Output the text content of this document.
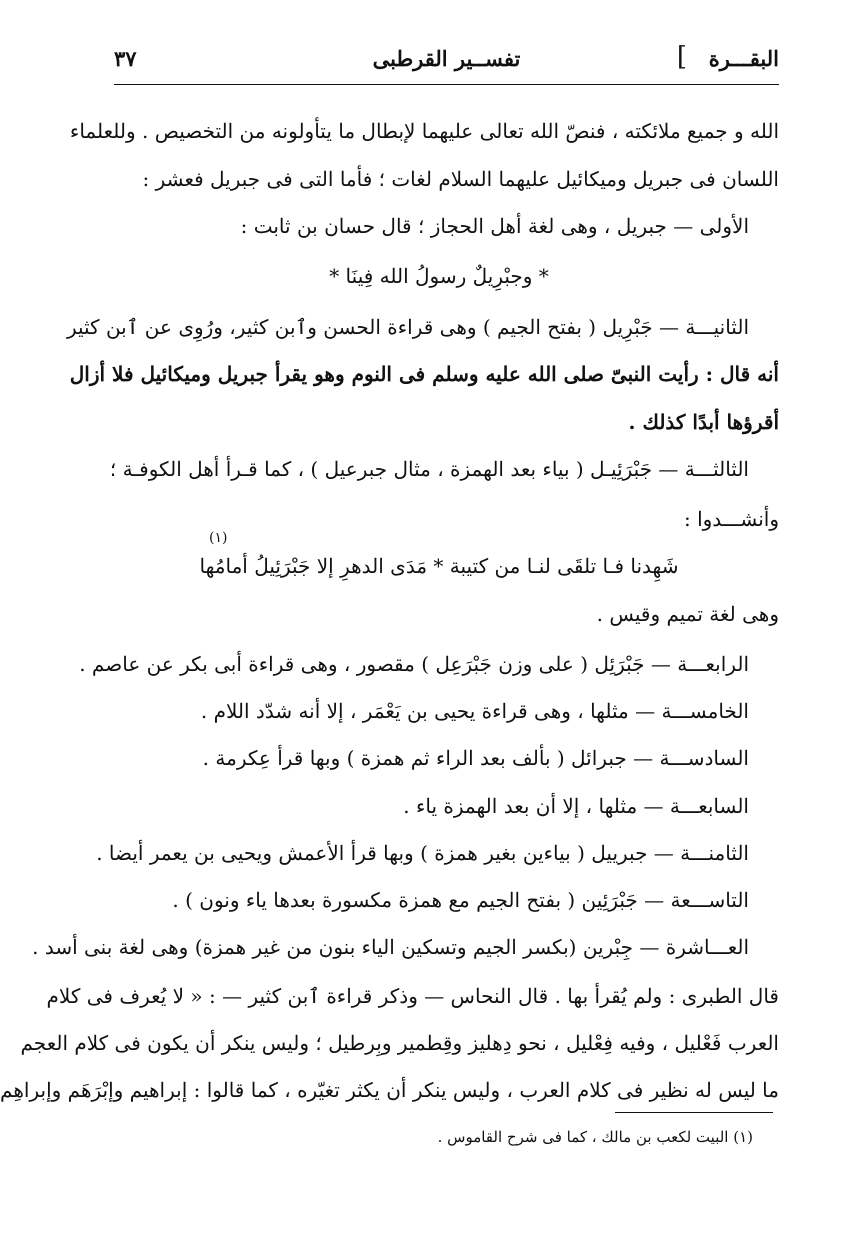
البقـــرة
]
تفســير القرطبى
٣٧
الله و جميع ملائكته ، فنصّ الله تعالى عليهما لإبطال ما يتأولونه من التخصيص . وللعلماء
اللسان فى جبريل وميكائيل عليهما السلام لغات ؛ فأما التى فى جبريل فعشر :
الأولى — جبريل ، وهى لغة أهل الحجاز ؛ قال حسان بن ثابت :
* وجبْرِيلٌ رسولُ الله فِينَا *
الثانيـــة — جَبْرِيل ( بفتح الجيم ) وهى قراءة الحسن وٱبن كثير، ورُوِى عن ٱبن كثير
أنه قال : رأيت النبىّ صلى الله عليه وسلم فى النوم وهو يقرأ جبريل وميكائيل فلا أزال
أقرؤها أبدًا كذلك .
الثالثـــة — جَبْرَئِيـل ( بياء بعد الهمزة ، مثال جبرعيل ) ، كما قـرأ أهل الكوفـة ؛
وأنشـــدوا :
(١)
شَهِدنا فـا تلقَى لنـا من كتيبة * مَدَى الدهرِ إلا جَبْرَئِيلُ أمامُها
وهى لغة تميم وقيس .
الرابعـــة — جَبْرَئِل ( على وزن جَبْرَعِل ) مقصور ، وهى قراءة أبى بكر عن عاصم .
الخامســـة — مثلها ، وهى قراءة يحيى بن يَعْمَر ، إلا أنه شدّد اللام .
السادســـة — جبرائل ( بألف بعد الراء ثم همزة ) وبها قرأ عِكرمة .
السابعـــة — مثلها ، إلا أن بعد الهمزة ياء .
الثامنـــة — جبرييل ( بياءين بغير همزة ) وبها قرأ الأعمش ويحيى بن يعمر أيضا .
التاســـعة — جَبْرَئِين ( بفتح الجيم مع همزة مكسورة بعدها ياء ونون ) .
العـــاشرة — جِبْرين (بكسر الجيم وتسكين الياء بنون من غير همزة) وهى لغة بنى أسد .
قال الطبرى : ولم يُقرأ بها . قال النحاس — وذكر قراءة ٱبن كثير — : « لا يُعرف فى كلام
العرب فَعْليل ، وفيه فِعْليل ، نحو دِهليز وقِطمير وبِرطيل ؛ وليس ينكر أن يكون فى كلام العجم
ما ليس له نظير فى كلام العرب ، وليس ينكر أن يكثر تغيّره ، كما قالوا : إبراهيم وإبْرَهَم وإبراهِم
(١) البيت لكعب بن مالك ، كما فى شرح القاموس .
